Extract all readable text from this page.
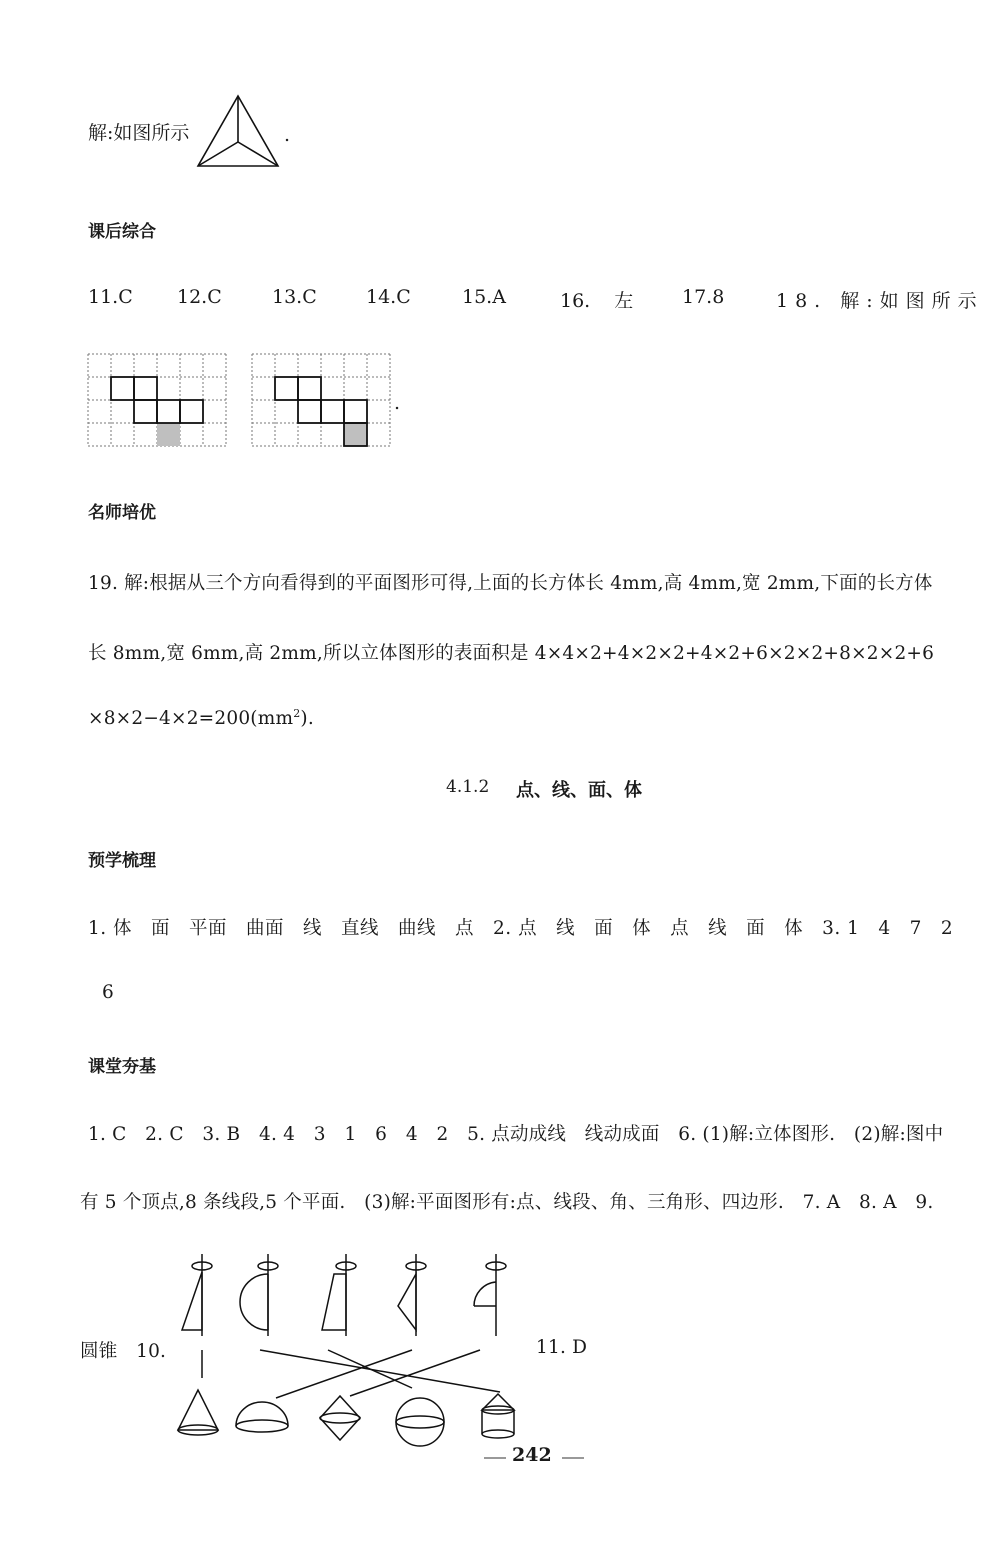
解:如图所示	.
课后综合
11.C 12.C	13.C	14.C	15.A	16. 左	17.8	18. 解:如图所示
.
名师培优
19. 解:根据从三个方向看得到的平面图形可得,上面的长方体长 4mm,高 4mm,宽 2mm,下面的长方体
长 8mm,宽 6mm,高 2mm,所以立体图形的表面积是 4×4×2+4×2×2+4×2+6×2×2+8×2×2+6
$\times 8\times 2-4\times 2=200(mm^2)$.
4.1.2 点、线、面、体
预学梳理
1. 体　面　平面　曲面　线　直线　曲线　点　2. 点　线　面　体　点　线　面　体　3. 1　4　7　2
6
课堂夯基
1. C　2. C　3. B　4. 4　3　1　6　4　2　5. 点动成线　线动成面　6. (1)解:立体图形.　(2)解:图中
有 5 个顶点,8 条线段,5 个平面.　(3)解:平面图形有:点、线段、角、三角形、四边形.　7. A　8. A　9.
圆锥　10.	11. D
242
